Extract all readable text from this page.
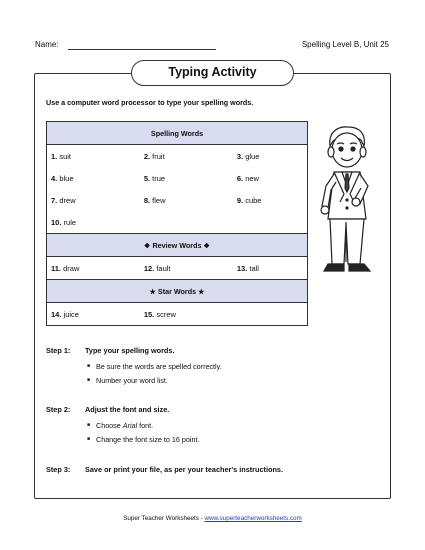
Name:	Spelling Level B, Unit 25
Typing Activity
Use a computer word processor to type your spelling words.
Spelling Words		
1. suit	2. fruit	3. glue
4. blue	5. true	6. new
7. drew	8. flew	9. cube
10. rule		
❖ Review Words ❖		
11. draw	12. fault	13. tall
★ Star Words ★		
14. juice	15. screw	
Step 1: Type your spelling words.
■ Be sure the words are spelled correctly.
■ Number your word list.
Step 2: Adjust the font and size.
■ Choose Arial font.
■ Change the font size to 16 point.
Step 3: Save or print your file, as per your teacher's instructions.
Super Teacher Worksheets - www.superteacherworksheets.com
